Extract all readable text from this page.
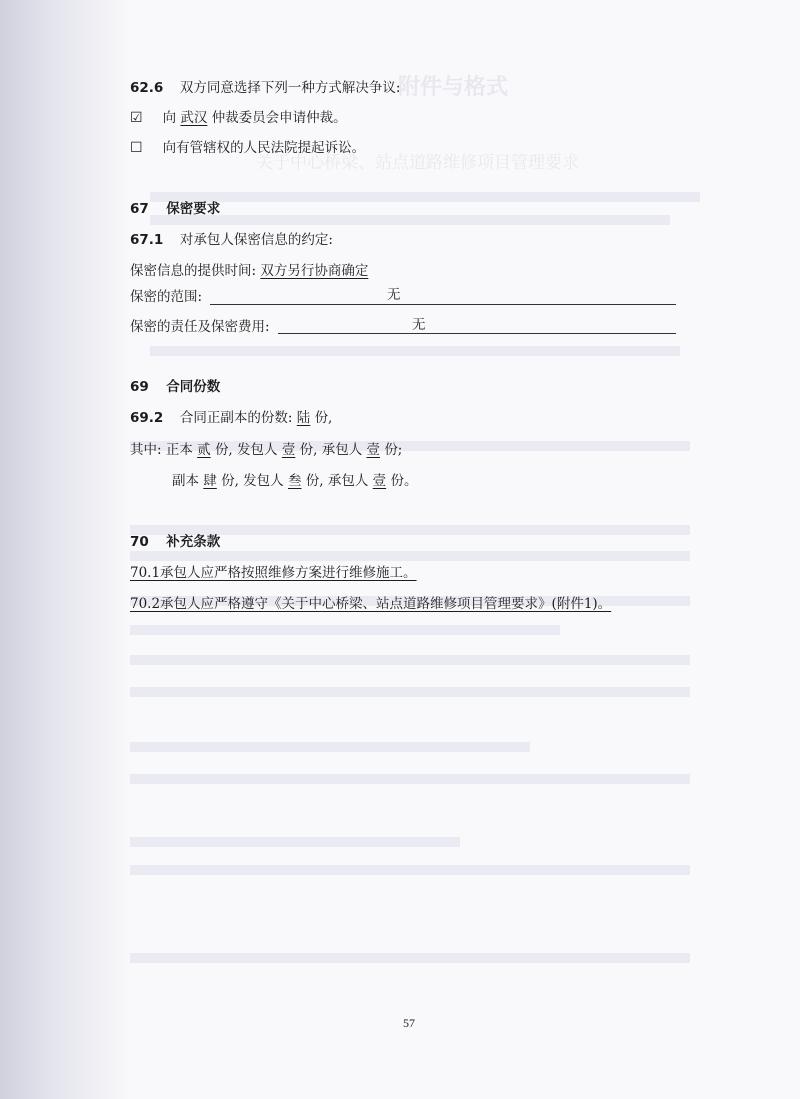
附件与格式
关于中心桥梁、站点道路维修项目管理要求
62.6 双方同意选择下列一种方式解决争议:
☑ 向 武汉 仲裁委员会申请仲裁。
☐ 向有管辖权的人民法院提起诉讼。
67 保密要求
67.1 对承包人保密信息的约定:
保密信息的提供时间: 双方另行协商确定
保密的范围:	无
保密的责任及保密费用:	无
69 合同份数
69.2 合同正副本的份数: 陆 份,
其中: 正本 贰 份, 发包人 壹 份, 承包人 壹 份;
副本 肆 份, 发包人 叁 份, 承包人 壹 份。
70 补充条款
70.1承包人应严格按照维修方案进行维修施工。
70.2承包人应严格遵守《关于中心桥梁、站点道路维修项目管理要求》(附件1)。
57
